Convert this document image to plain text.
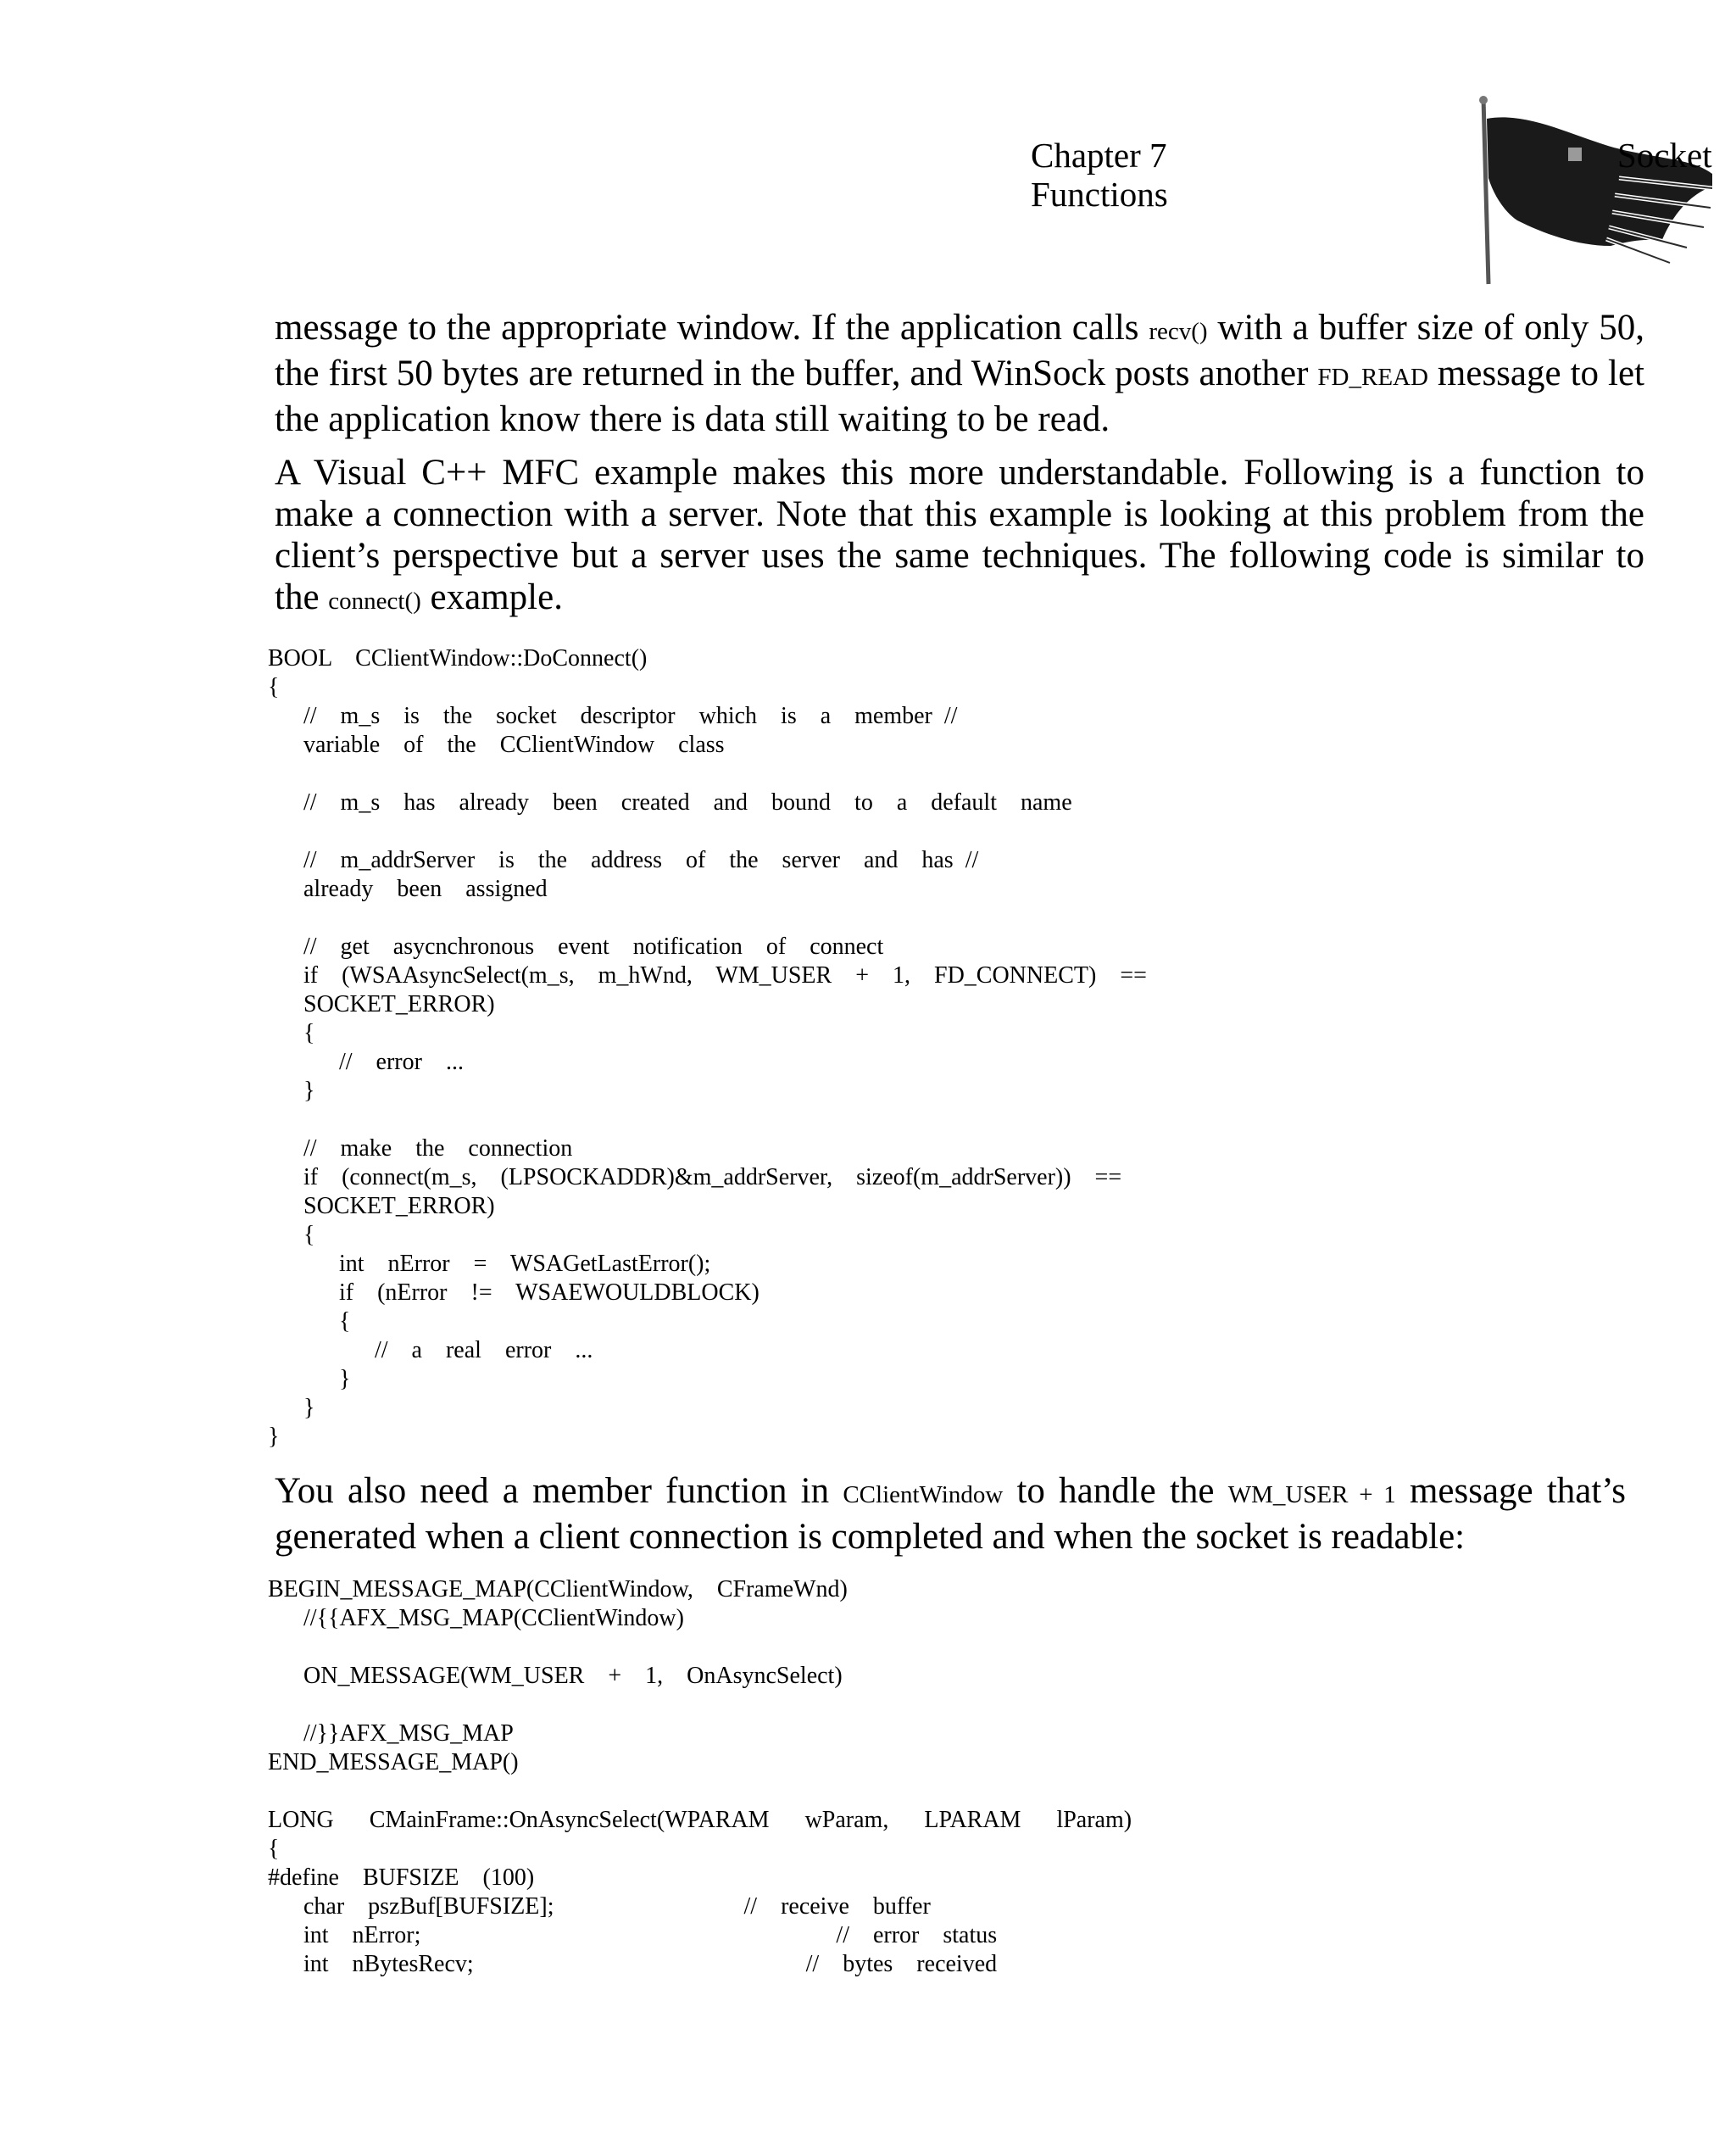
Chapter 7
Functions
Socket

message to the appropriate window. If the application calls recv() with a buffer size of only 50, the first 50 bytes are returned in the buffer, and WinSock posts another FD_READ message to let the application know there is data still waiting to be read.

A Visual C++ MFC example makes this more understandable. Following is a function to make a connection with a server. Note that this example is looking at this problem from the client’s perspective but a server uses the same techniques. The following code is similar to the connect() example.

BOOL  CClientWindow::DoConnect()
{
//  m_s  is  the  socket  descriptor  which  is  a  member //
variable  of  the  CClientWindow  class

//  m_s  has  already  been  created  and  bound  to  a  default  name

//  m_addrServer  is  the  address  of  the  server  and  has //
already  been  assigned

//  get  asycnchronous  event  notification  of  connect
if  (WSAAsyncSelect(m_s,  m_hWnd,  WM_USER  +  1,  FD_CONNECT)  ==
SOCKET_ERROR)
{
//  error  ...
}

//  make  the  connection
if  (connect(m_s,  (LPSOCKADDR)&m_addrServer,  sizeof(m_addrServer))  ==
SOCKET_ERROR)
{
int  nError  =  WSAGetLastError();
if  (nError  !=  WSAEWOULDBLOCK)
{
//  a  real  error  ...
}
}
}

You also need a member function in CClientWindow to handle the WM_USER + 1 message that’s generated when a client connection is completed and when the socket is readable:

BEGIN_MESSAGE_MAP(CClientWindow,  CFrameWnd)
//{{AFX_MSG_MAP(CClientWindow)

ON_MESSAGE(WM_USER  +  1,  OnAsyncSelect)

//}}AFX_MSG_MAP
END_MESSAGE_MAP()

LONG   CMainFrame::OnAsyncSelect(WPARAM   wParam,   LPARAM   lParam)
{
#define  BUFSIZE  (100)
char  pszBuf[BUFSIZE];                //  receive  buffer
int  nError;                                   //  error  status
int  nBytesRecv;                            //  bytes  received
